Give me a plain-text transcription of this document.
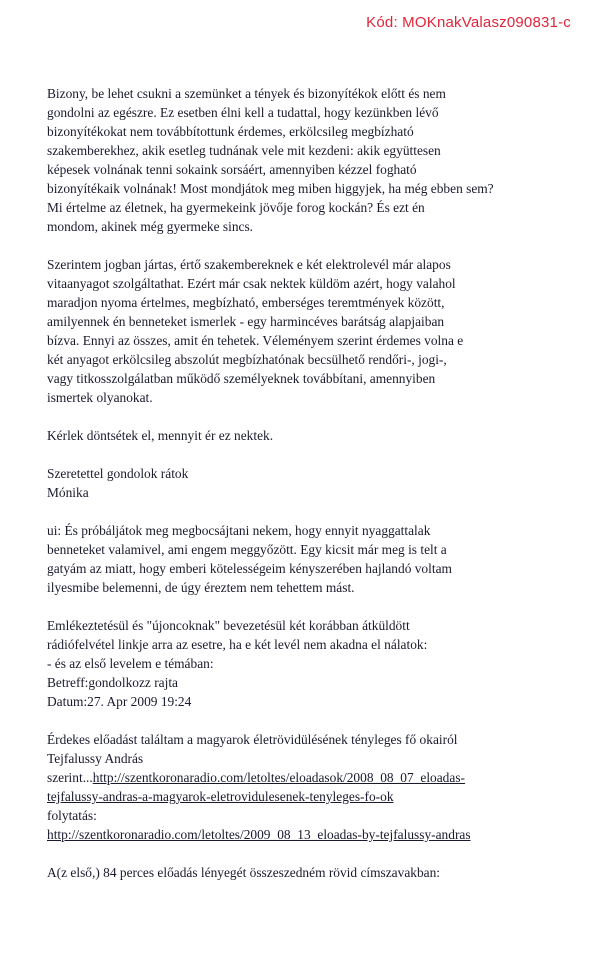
Kód: MOKnakValasz090831-c

Bizony, be lehet csukni a szemünket a tények és bizonyítékok előtt és nem
gondolni az egészre. Ez esetben élni kell a tudattal, hogy kezünkben lévő
bizonyítékokat nem továbbítottunk érdemes, erkölcsileg megbízható
szakemberekhez, akik esetleg tudnának vele mit kezdeni: akik együttesen
képesek volnának tenni sokaink sorsáért, amennyiben kézzel fogható
bizonyítékaik volnának! Most mondjátok meg miben higgyjek, ha még ebben sem?
Mi értelme az életnek, ha gyermekeink jövője forog kockán? És ezt én
mondom, akinek még gyermeke sincs.

Szerintem jogban jártas, értő szakembereknek e két elektrolevél már alapos
vitaanyagot szolgáltathat. Ezért már csak nektek küldöm azért, hogy valahol
maradjon nyoma értelmes, megbízható, emberséges teremtmények között,
amilyennek én benneteket ismerlek - egy harmincéves barátság alapjaiban
bízva. Ennyi az összes, amit én tehetek. Véleményem szerint érdemes volna e
két anyagot erkölcsileg abszolút megbízhatónak becsülhető rendőri-, jogi-,
vagy titkosszolgálatban működő személyeknek továbbítani, amennyiben
ismertek olyanokat.

Kérlek döntsétek el, mennyit ér ez nektek.

Szeretettel gondolok rátok
Mónika

ui: És próbáljátok meg megbocsájtani nekem, hogy ennyit nyaggattalak
benneteket valamivel, ami engem meggyőzött. Egy kicsit már meg is telt a
gatyám az miatt, hogy emberi kötelességeim kényszerében hajlandó voltam
ilyesmibe belemenni, de úgy éreztem nem tehettem mást.

Emlékeztetésül és "újoncoknak" bevezetésül két korábban átküldött
rádiófelvétel linkje arra az esetre, ha e két levél nem akadna el nálatok:
- és az első levelem e témában:
Betreff:gondolkozz rajta
Datum:27. Apr 2009 19:24

Érdekes előadást találtam a magyarok életrövidülésének tényleges fő okairól
Tejfalussy András
szerint...http://szentkoronaradio.com/letoltes/eloadasok/2008_08_07_eloadas-
tejfalussy-andras-a-magyarok-eletrovidulesenek-tenyleges-fo-ok
folytatás:
http://szentkoronaradio.com/letoltes/2009_08_13_eloadas-by-tejfalussy-andras

A(z első,) 84 perces előadás lényegét összeszedném rövid címszavakban:
